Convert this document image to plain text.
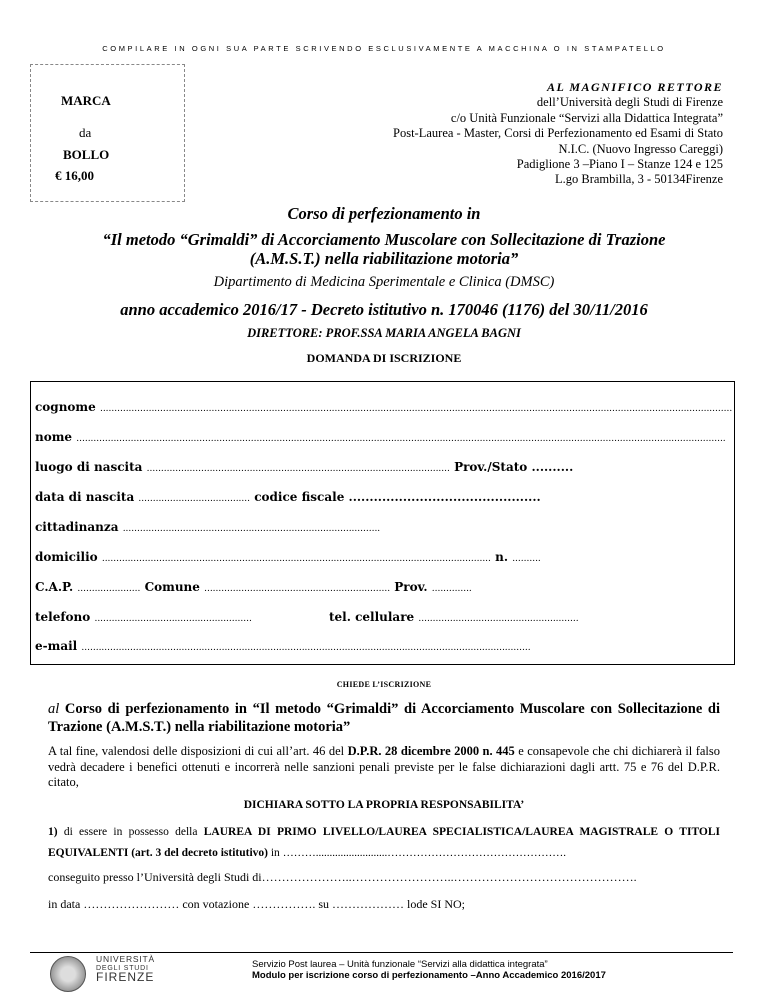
COMPILARE IN OGNI SUA PARTE SCRIVENDO ESCLUSIVAMENTE A MACCHINA O IN STAMPATELLO
MARCA
da
BOLLO
€ 16,00
AL MAGNIFICO RETTORE
dell’Università degli Studi di Firenze
c/o Unità Funzionale “Servizi alla Didattica Integrata”
Post-Laurea - Master, Corsi di Perfezionamento ed Esami di Stato
N.I.C. (Nuovo Ingresso Careggi)
Padiglione 3 –Piano I – Stanze 124 e 125
L.go Brambilla, 3 - 50134Firenze
Corso di perfezionamento in
“Il metodo “Grimaldi” di Accorciamento Muscolare con Sollecitazione di Trazione
(A.M.S.T.) nella riabilitazione motoria”
Dipartimento di Medicina Sperimentale e Clinica (DMSC)
anno accademico 2016/17 - Decreto istitutivo n. 170046 (1176) del 30/11/2016
DIRETTORE: PROF.SSA MARIA ANGELA BAGNI
DOMANDA DI ISCRIZIONE
cognome .............................................................................................................................................................................................................................
nome ...................................................................................................................................................................................................................................
luogo di nascita .......................................................................................................... Prov./Stato ..........
data di nascita ....................................... codice fiscale ..............................................
cittadinanza ..........................................................................................
domicilio ........................................................................................................................................ n. ..........
C.A.P. ...................... Comune ................................................................. Prov. ..............
telefono .......................................................	tel. cellulare ........................................................
e-mail .............................................................................................................................................................
CHIEDE L’ISCRIZIONE
al Corso di perfezionamento in “Il metodo “Grimaldi” di Accorciamento Muscolare con Sollecitazione di Trazione (A.M.S.T.) nella riabilitazione motoria”
A tal fine, valendosi delle disposizioni di cui all’art. 46 del D.P.R. 28 dicembre 2000 n. 445 e consapevole che chi dichiarerà il falso vedrà decadere i benefici ottenuti e incorrerà nelle sanzioni penali previste per le false dichiarazioni dagli artt. 75 e 76 del D.P.R. citato,
DICHIARA SOTTO LA PROPRIA RESPONSABILITA’
1) di essere in possesso della LAUREA DI PRIMO LIVELLO/LAUREA SPECIALISTICA/LAUREA MAGISTRALE O TITOLI EQUIVALENTI (art. 3 del decreto istitutivo) in ………..........................………………………………………….
conseguito presso l’Università degli Studi di…………………..……………………..……………………………………….
in data …………………… con votazione ……………. su ……………… lode SI NO;
UNIVERSITÀ
DEGLI STUDI
FIRENZE
Servizio Post laurea – Unità funzionale “Servizi alla didattica integrata”
Modulo per iscrizione corso di perfezionamento –Anno Accademico 2016/2017
